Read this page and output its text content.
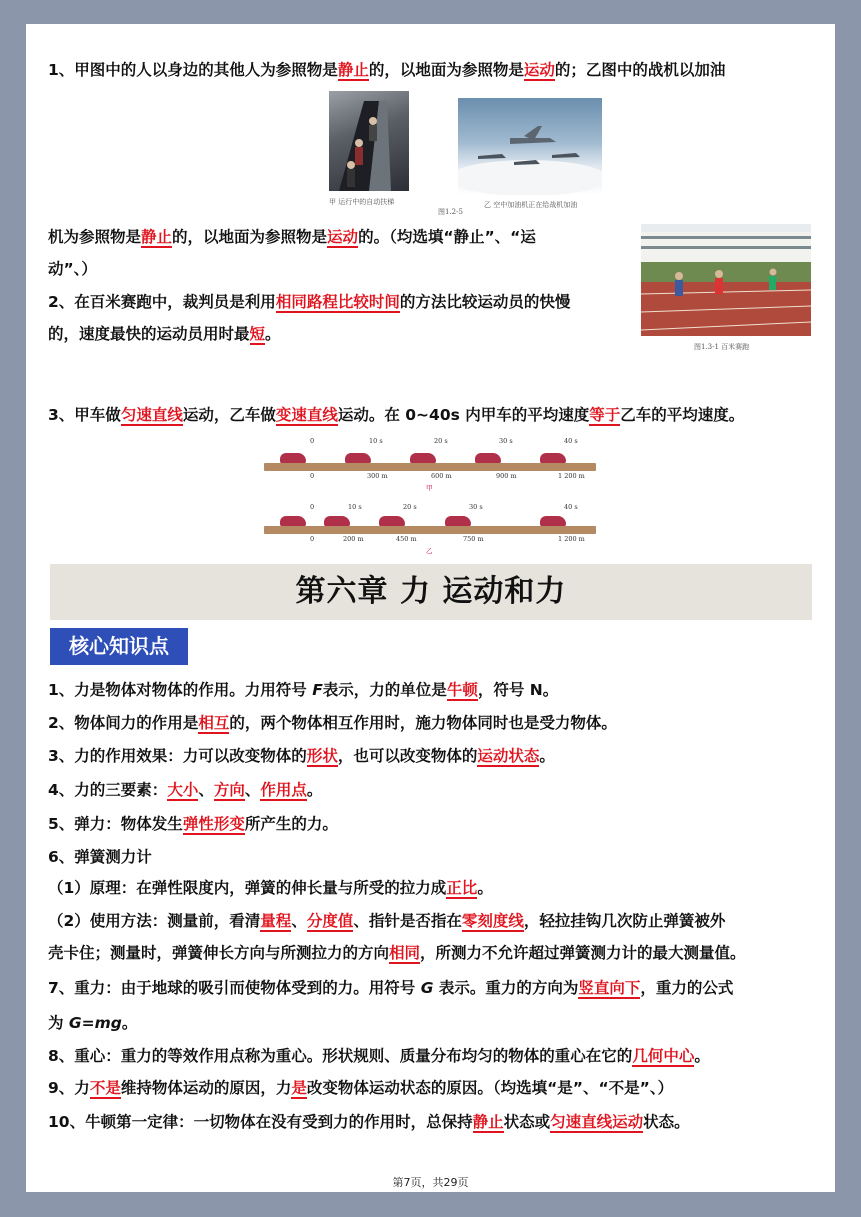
1、甲图中的人以身边的其他人为参照物是静止的，以地面为参照物是运动的；乙图中的战机以加油
甲 运行中的自动扶梯
图1.2-5
乙 空中加油机正在给战机加油
机为参照物是静止的，以地面为参照物是运动的。（均选填“静止”、“运
动”、）
图1.3-1 百米赛跑
2、在百米赛跑中，裁判员是利用相同路程比较时间的方法比较运动员的快慢
的，速度最快的运动员用时最短。
3、甲车做匀速直线运动，乙车做变速直线运动。在 0~40s 内甲车的平均速度等于乙车的平均速度。
0	10 s	20 s	30 s	40 s
0	300 m	600 m	900 m	1 200 m
甲
0	10 s	20 s	30 s	40 s
0	200 m	450 m	750 m	1 200 m
乙
第六章 力 运动和力
核心知识点
1、力是物体对物体的作用。力用符号 F表示，力的单位是牛顿，符号 N。
2、物体间力的作用是相互的，两个物体相互作用时，施力物体同时也是受力物体。
3、力的作用效果：力可以改变物体的形状，也可以改变物体的运动状态。
4、力的三要素：大小、方向、作用点。
5、弹力：物体发生弹性形变所产生的力。
6、弹簧测力计
（1）原理：在弹性限度内，弹簧的伸长量与所受的拉力成正比。
（2）使用方法：测量前，看清量程、分度值、指针是否指在零刻度线，轻拉挂钩几次防止弹簧被外
壳卡住；测量时，弹簧伸长方向与所测拉力的方向相同，所测力不允许超过弹簧测力计的最大测量值。
7、重力：由于地球的吸引而使物体受到的力。用符号 G 表示。重力的方向为竖直向下，重力的公式
为 G=mg。
8、重心：重力的等效作用点称为重心。形状规则、质量分布均匀的物体的重心在它的几何中心。
9、力不是维持物体运动的原因，力是改变物体运动状态的原因。（均选填“是”、“不是”、）
10、牛顿第一定律：一切物体在没有受到力的作用时，总保持静止状态或匀速直线运动状态。
第7页，共29页
